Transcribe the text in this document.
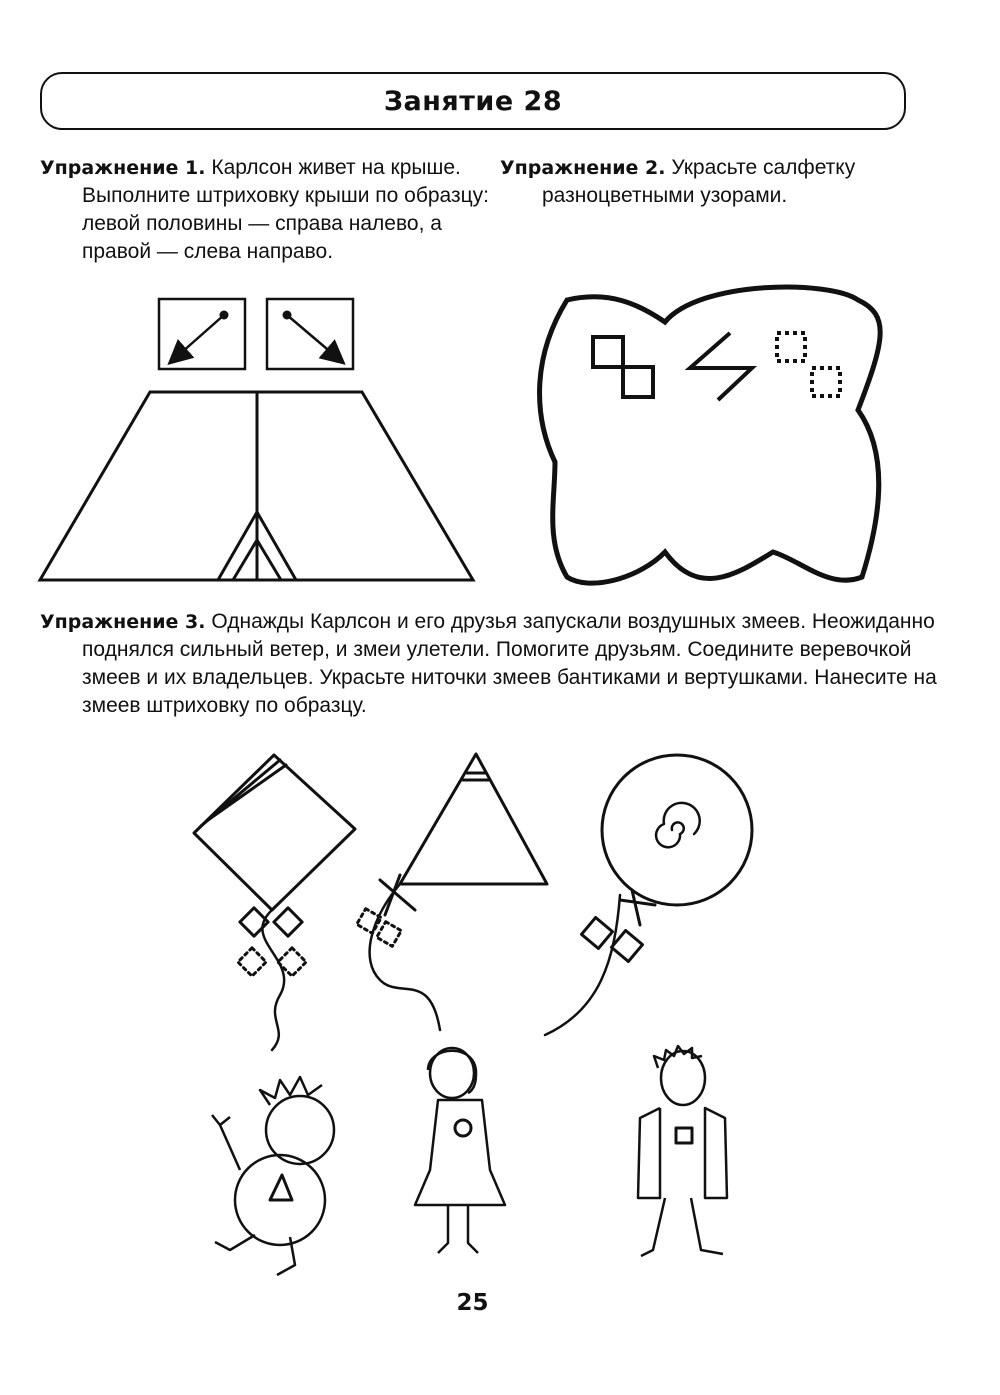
Занятие 28
Упражнение 1. Карлсон живет на крыше. Выполните штриховку крыши по образцу: левой половины — справа налево, а правой — слева направо.
Упражнение 2. Украсьте салфетку разноцветными узорами.
Упражнение 3. Однажды Карлсон и его друзья запускали воздушных змеев. Неожиданно поднялся сильный ветер, и змеи улетели. Помогите друзьям. Соедините веревочкой змеев и их владельцев. Украсьте ниточки змеев бантиками и вертушками. Нанесите на змеев штриховку по образцу.
25
